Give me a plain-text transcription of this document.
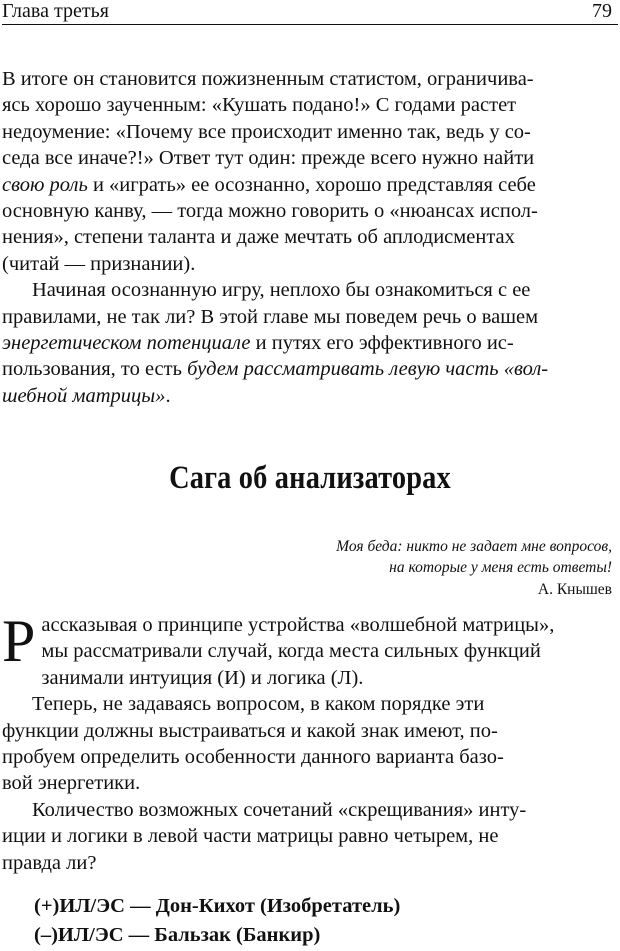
Глава третья	79

В итоге он становится пожизненным статистом, ограничива-
ясь хорошо заученным: «Кушать подано!» С годами растет
недоумение: «Почему все происходит именно так, ведь у со-
седа все иначе?!» Ответ тут один: прежде всего нужно найти
свою роль и «играть» ее осознанно, хорошо представляя себе
основную канву, — тогда можно говорить о «нюансах испол-
нения», степени таланта и даже мечтать об аплодисментах
(читай — признании).

Начиная осознанную игру, неплохо бы ознакомиться с ее
правилами, не так ли? В этой главе мы поведем речь о вашем
энергетическом потенциале и путях его эффективного ис-
пользования, то есть будем рассматривать левую часть «вол-
шебной матрицы».

Сага об анализаторах
Моя беда: никто не задает мне вопросов,
на которые у меня есть ответы!
А. Кнышев

Рассказывая о принципе устройства «волшебной матрицы»,
мы рассматривали случай, когда места сильных функций
занимали интуиция (И) и логика (Л).

Теперь, не задаваясь вопросом, в каком порядке эти
функции должны выстраиваться и какой знак имеют, по-
пробуем определить особенности данного варианта базо-
вой энергетики.

Количество возможных сочетаний «скрещивания» инту-
иции и логики в левой части матрицы равно четырем, не
правда ли?

(+)ИЛ/ЭС — Дон-Кихот (Изобретатель)
(–)ИЛ/ЭС — Бальзак (Банкир)
